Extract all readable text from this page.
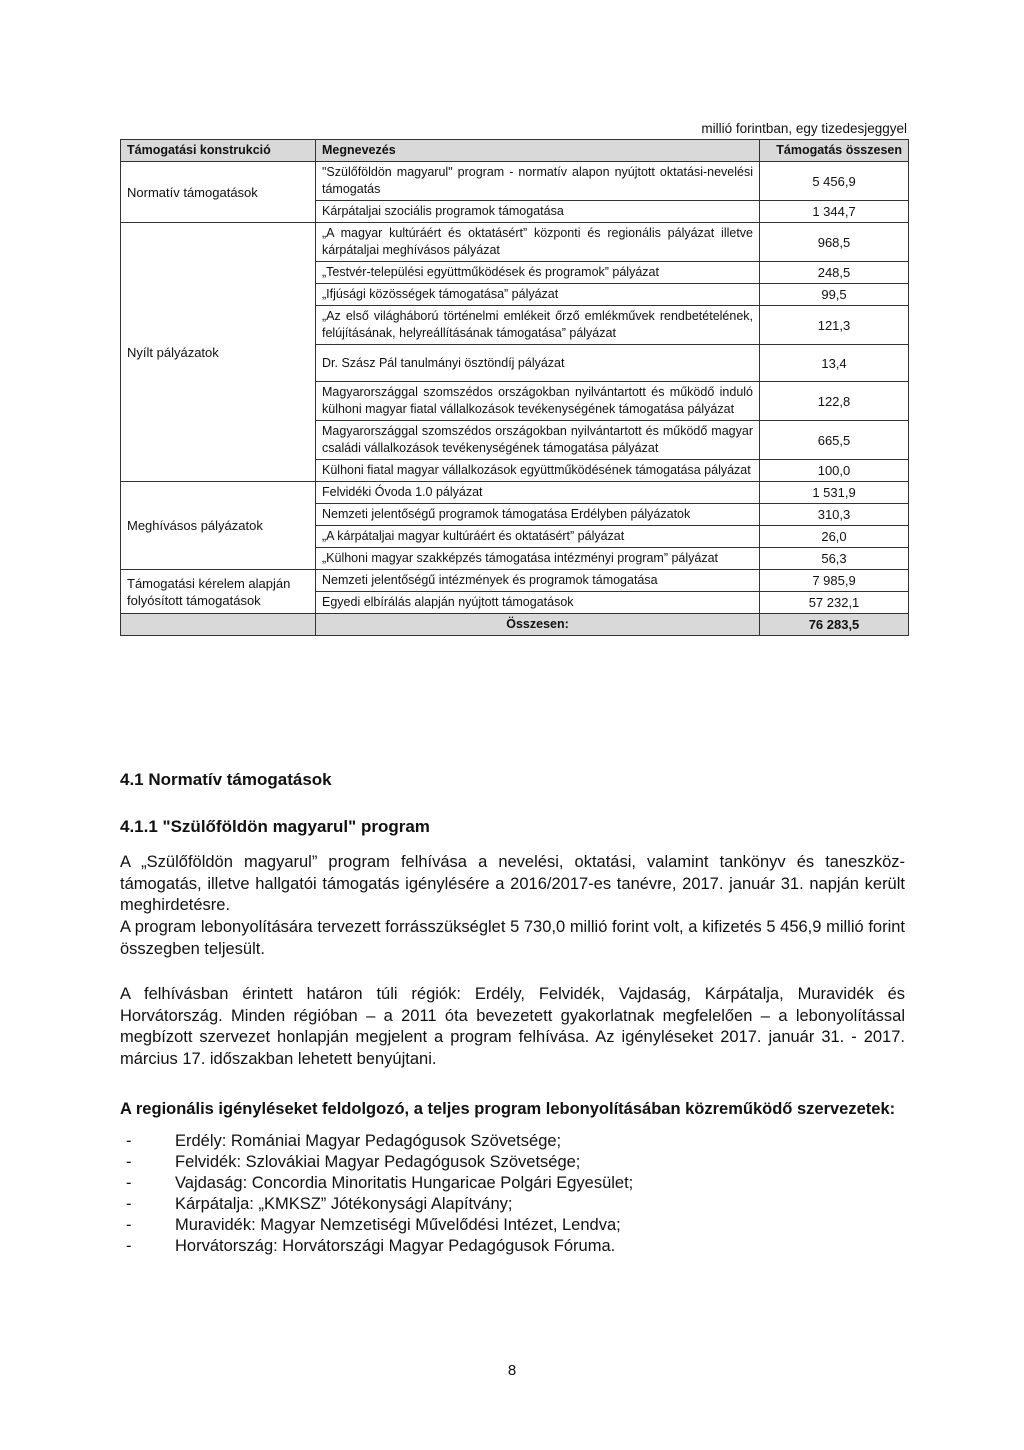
millió forintban, egy tizedesjeggyel
Támogatási konstrukció	Megnevezés	Támogatás összesen
Normatív támogatások	"Szülőföldön magyarul" program - normatív alapon nyújtott oktatási-nevelési támogatás	5 456,9
	Kárpátaljai szociális programok támogatása	1 344,7
Nyílt pályázatok	„A magyar kultúráért és oktatásért” központi és regionális pályázat illetve kárpátaljai meghívásos pályázat	968,5
	„Testvér-települési együttműködések és programok” pályázat	248,5
	„Ifjúsági közösségek támogatása” pályázat	99,5
	„Az első világháború történelmi emlékeit őrző emlékművek rendbetételének, felújításának, helyreállításának támogatása” pályázat	121,3
	Dr. Szász Pál tanulmányi ösztöndíj pályázat	13,4
	Magyarországgal szomszédos országokban nyilvántartott és működő induló külhoni magyar fiatal vállalkozások tevékenységének támogatása pályázat	122,8
	Magyarországgal szomszédos országokban nyilvántartott és működő magyar családi vállalkozások tevékenységének támogatása pályázat	665,5
	Külhoni fiatal magyar vállalkozások együttműködésének támogatása pályázat	100,0
Meghívásos pályázatok	Felvidéki Óvoda 1.0 pályázat	1 531,9
	Nemzeti jelentőségű programok támogatása Erdélyben pályázatok	310,3
	„A kárpátaljai magyar kultúráért és oktatásért” pályázat	26,0
	„Külhoni magyar szakképzés támogatása intézményi program” pályázat	56,3
Támogatási kérelem alapján folyósított támogatások	Nemzeti jelentőségű intézmények és programok támogatása	7 985,9
	Egyedi elbírálás alapján nyújtott támogatások	57 232,1
	Összesen:	76 283,5
4.1 Normatív támogatások
4.1.1 "Szülőföldön magyarul" program

A „Szülőföldön magyarul” program felhívása a nevelési, oktatási, valamint tankönyv és taneszköz-támogatás, illetve hallgatói támogatás igénylésére a 2016/2017-es tanévre, 2017. január 31. napján került meghirdetésre.

A program lebonyolítására tervezett forrásszükséglet 5 730,0 millió forint volt, a kifizetés 5 456,9 millió forint összegben teljesült.

A felhívásban érintett határon túli régiók: Erdély, Felvidék, Vajdaság, Kárpátalja, Muravidék és Horvátország. Minden régióban – a 2011 óta bevezetett gyakorlatnak megfelelően – a lebonyolítással megbízott szervezet honlapján megjelent a program felhívása. Az igényléseket 2017. január 31. - 2017. március 17. időszakban lehetett benyújtani.

A regionális igényléseket feldolgozó, a teljes program lebonyolításában közreműködő szervezetek:
-	Erdély: Romániai Magyar Pedagógusok Szövetsége;
-	Felvidék: Szlovákiai Magyar Pedagógusok Szövetsége;
-	Vajdaság: Concordia Minoritatis Hungaricae Polgári Egyesület;
-	Kárpátalja: „KMKSZ” Jótékonysági Alapítvány;
-	Muravidék: Magyar Nemzetiségi Művelődési Intézet, Lendva;
-	Horvátország: Horvátországi Magyar Pedagógusok Fóruma.
8
